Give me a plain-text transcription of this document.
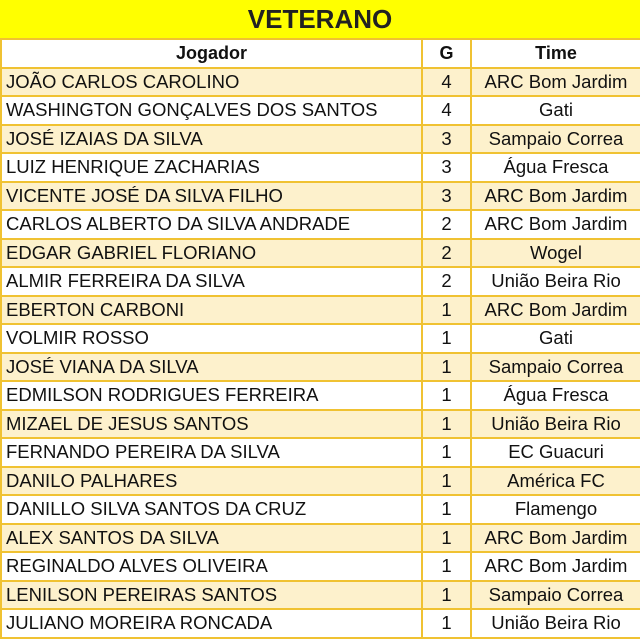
VETERANO
Jogador	G	Time
JOÃO CARLOS CAROLINO	4	ARC Bom Jardim
WASHINGTON GONÇALVES DOS SANTOS	4	Gati
JOSÉ IZAIAS DA SILVA	3	Sampaio Correa
LUIZ HENRIQUE ZACHARIAS	3	Água Fresca
VICENTE JOSÉ DA SILVA FILHO	3	ARC Bom Jardim
CARLOS ALBERTO DA SILVA ANDRADE	2	ARC Bom Jardim
EDGAR GABRIEL FLORIANO	2	Wogel
ALMIR FERREIRA DA SILVA	2	União Beira Rio
EBERTON CARBONI	1	ARC Bom Jardim
VOLMIR ROSSO	1	Gati
JOSÉ VIANA DA SILVA	1	Sampaio Correa
EDMILSON RODRIGUES FERREIRA	1	Água Fresca
MIZAEL DE JESUS SANTOS	1	União Beira Rio
FERNANDO PEREIRA DA SILVA	1	EC Guacuri
DANILO PALHARES	1	América FC
DANILLO SILVA SANTOS DA CRUZ	1	Flamengo
ALEX SANTOS DA SILVA	1	ARC Bom Jardim
REGINALDO ALVES OLIVEIRA	1	ARC Bom Jardim
LENILSON PEREIRAS SANTOS	1	Sampaio Correa
JULIANO MOREIRA RONCADA	1	União Beira Rio
